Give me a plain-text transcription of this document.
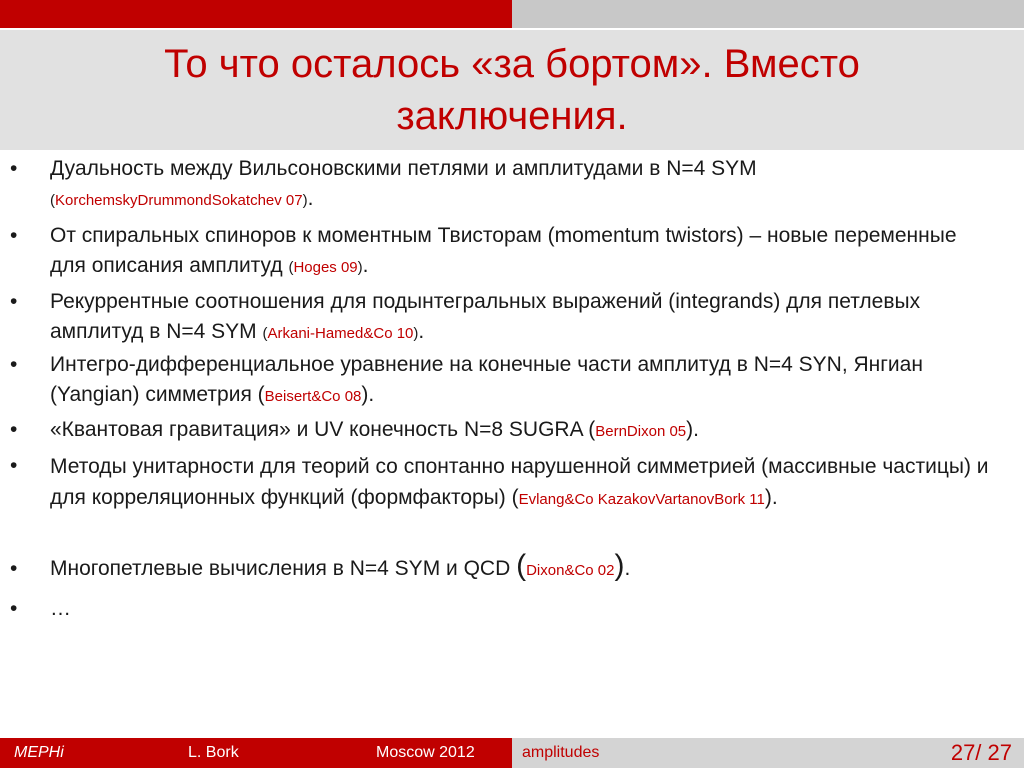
То что осталось «за бортом». Вместо заключения.
•	Дуальность между Вильсоновскими петлями и амплитудами в N=4 SYM
(KorchemskyDrummondSokatchev 07).
•	От спиральных спиноров к моментным Твисторам (momentum twistors) – новые переменные для описания амплитуд (Hoges 09).
•	Рекуррентные соотношения для подынтегральных выражений (integrands) для петлевых амплитуд в N=4 SYM (Arkani-Hamed&Co 10).
•	Интегро-дифференциальное уравнение на конечные части амплитуд в N=4 SYN, Янгиан (Yangian) симметрия (Beisert&Co 08).
•	«Квантовая гравитация» и UV конечность N=8 SUGRA (BernDixon 05).
•	Методы унитарности для теорий со спонтанно нарушенной симметрией (массивные частицы) и для корреляционных функций (формфакторы) (Evlang&Co KazakovVartanovBork 11).
•	Многопетлевые вычисления в N=4 SYM и QCD (Dixon&Co 02).
•	…
MEPHi	L. Bork	Moscow 2012	amplitudes	27/ 27
